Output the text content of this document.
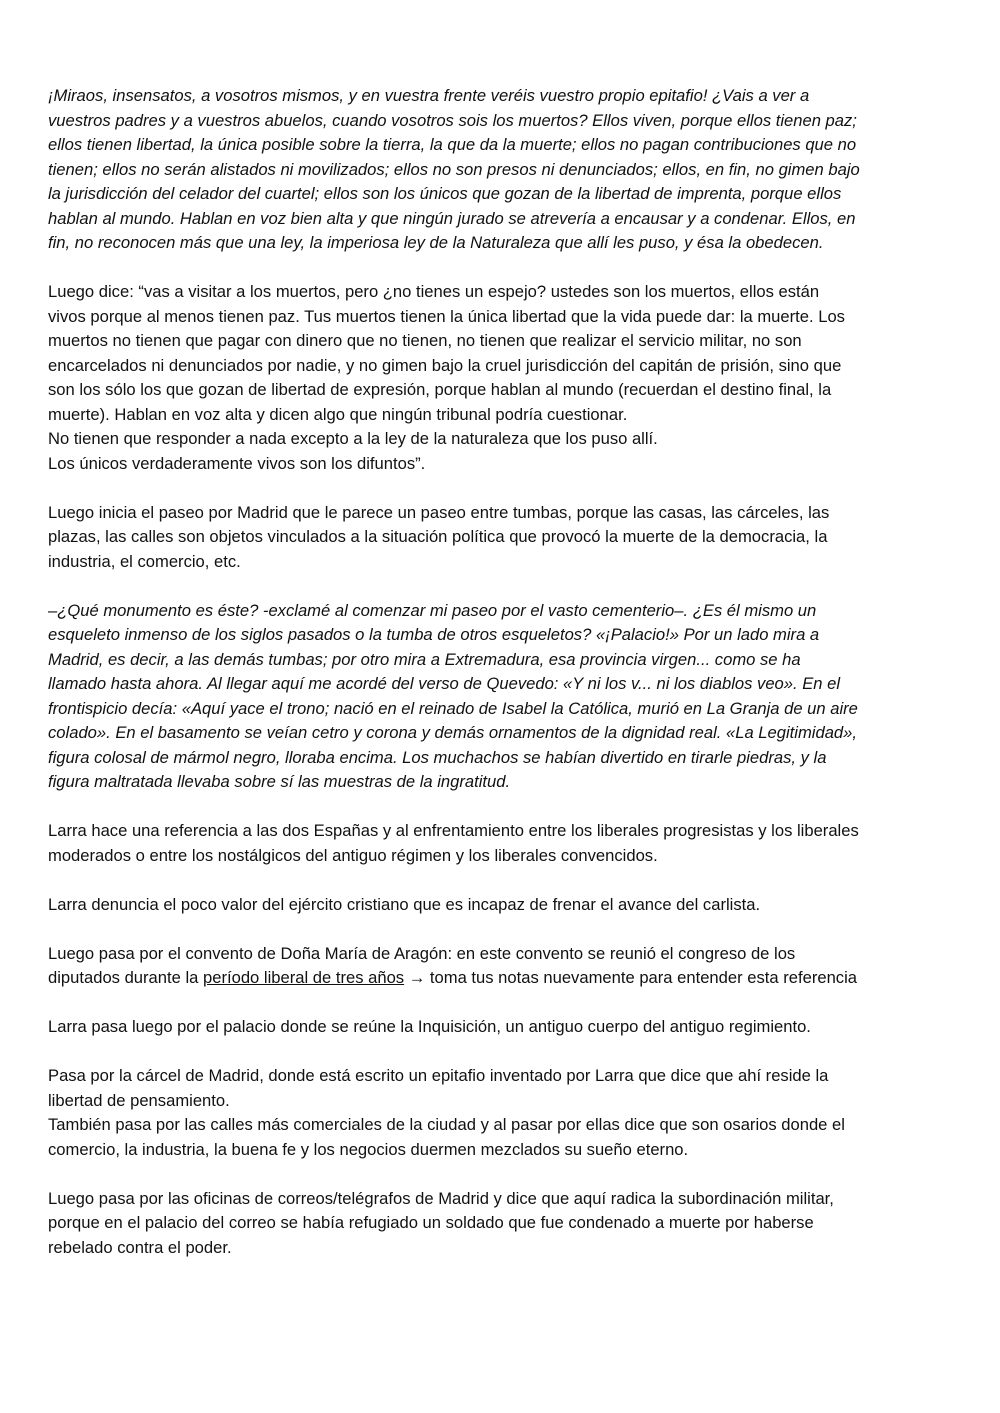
¡Miraos, insensatos, a vosotros mismos, y en vuestra frente veréis vuestro propio epitafio! ¿Vais a ver a
vuestros padres y a vuestros abuelos, cuando vosotros sois los muertos? Ellos viven, porque ellos tienen paz;
ellos tienen libertad, la única posible sobre la tierra, la que da la muerte; ellos no pagan contribuciones que no
tienen; ellos no serán alistados ni movilizados; ellos no son presos ni denunciados; ellos, en fin, no gimen bajo
la jurisdicción del celador del cuartel; ellos son los únicos que gozan de la libertad de imprenta, porque ellos
hablan al mundo. Hablan en voz bien alta y que ningún jurado se atrevería a encausar y a condenar. Ellos, en
fin, no reconocen más que una ley, la imperiosa ley de la Naturaleza que allí les puso, y ésa la obedecen.

Luego dice: “vas a visitar a los muertos, pero ¿no tienes un espejo? ustedes son los muertos, ellos están
vivos porque al menos tienen paz. Tus muertos tienen la única libertad que la vida puede dar: la muerte. Los
muertos no tienen que pagar con dinero que no tienen, no tienen que realizar el servicio militar, no son
encarcelados ni denunciados por nadie, y no gimen bajo la cruel jurisdicción del capitán de prisión, sino que
son los sólo los que gozan de libertad de expresión, porque hablan al mundo (recuerdan el destino final, la
muerte). Hablan en voz alta y dicen algo que ningún tribunal podría cuestionar.
No tienen que responder a nada excepto a la ley de la naturaleza que los puso allí.
Los únicos verdaderamente vivos son los difuntos”.

Luego inicia el paseo por Madrid que le parece un paseo entre tumbas, porque las casas, las cárceles, las
plazas, las calles son objetos vinculados a la situación política que provocó la muerte de la democracia, la
industria, el comercio, etc.

–¿Qué monumento es éste? -exclamé al comenzar mi paseo por el vasto cementerio–. ¿Es él mismo un
esqueleto inmenso de los siglos pasados o la tumba de otros esqueletos? «¡Palacio!» Por un lado mira a
Madrid, es decir, a las demás tumbas; por otro mira a Extremadura, esa provincia virgen... como se ha
llamado hasta ahora. Al llegar aquí me acordé del verso de Quevedo: «Y ni los v... ni los diablos veo». En el
frontispicio decía: «Aquí yace el trono; nació en el reinado de Isabel la Católica, murió en La Granja de un aire
colado». En el basamento se veían cetro y corona y demás ornamentos de la dignidad real. «La Legitimidad»,
figura colosal de mármol negro, lloraba encima. Los muchachos se habían divertido en tirarle piedras, y la
figura maltratada llevaba sobre sí las muestras de la ingratitud.

Larra hace una referencia a las dos Españas y al enfrentamiento entre los liberales progresistas y los liberales
moderados o entre los nostálgicos del antiguo régimen y los liberales convencidos.

Larra denuncia el poco valor del ejército cristiano que es incapaz de frenar el avance del carlista.

Luego pasa por el convento de Doña María de Aragón: en este convento se reunió el congreso de los
diputados durante la período liberal de tres años → toma tus notas nuevamente para entender esta referencia

Larra pasa luego por el palacio donde se reúne la Inquisición, un antiguo cuerpo del antiguo regimiento.

Pasa por la cárcel de Madrid, donde está escrito un epitafio inventado por Larra que dice que ahí reside la
libertad de pensamiento.
También pasa por las calles más comerciales de la ciudad y al pasar por ellas dice que son osarios donde el
comercio, la industria, la buena fe y los negocios duermen mezclados su sueño eterno.

Luego pasa por las oficinas de correos/telégrafos de Madrid y dice que aquí radica la subordinación militar,
porque en el palacio del correo se había refugiado un soldado que fue condenado a muerte por haberse
rebelado contra el poder.
